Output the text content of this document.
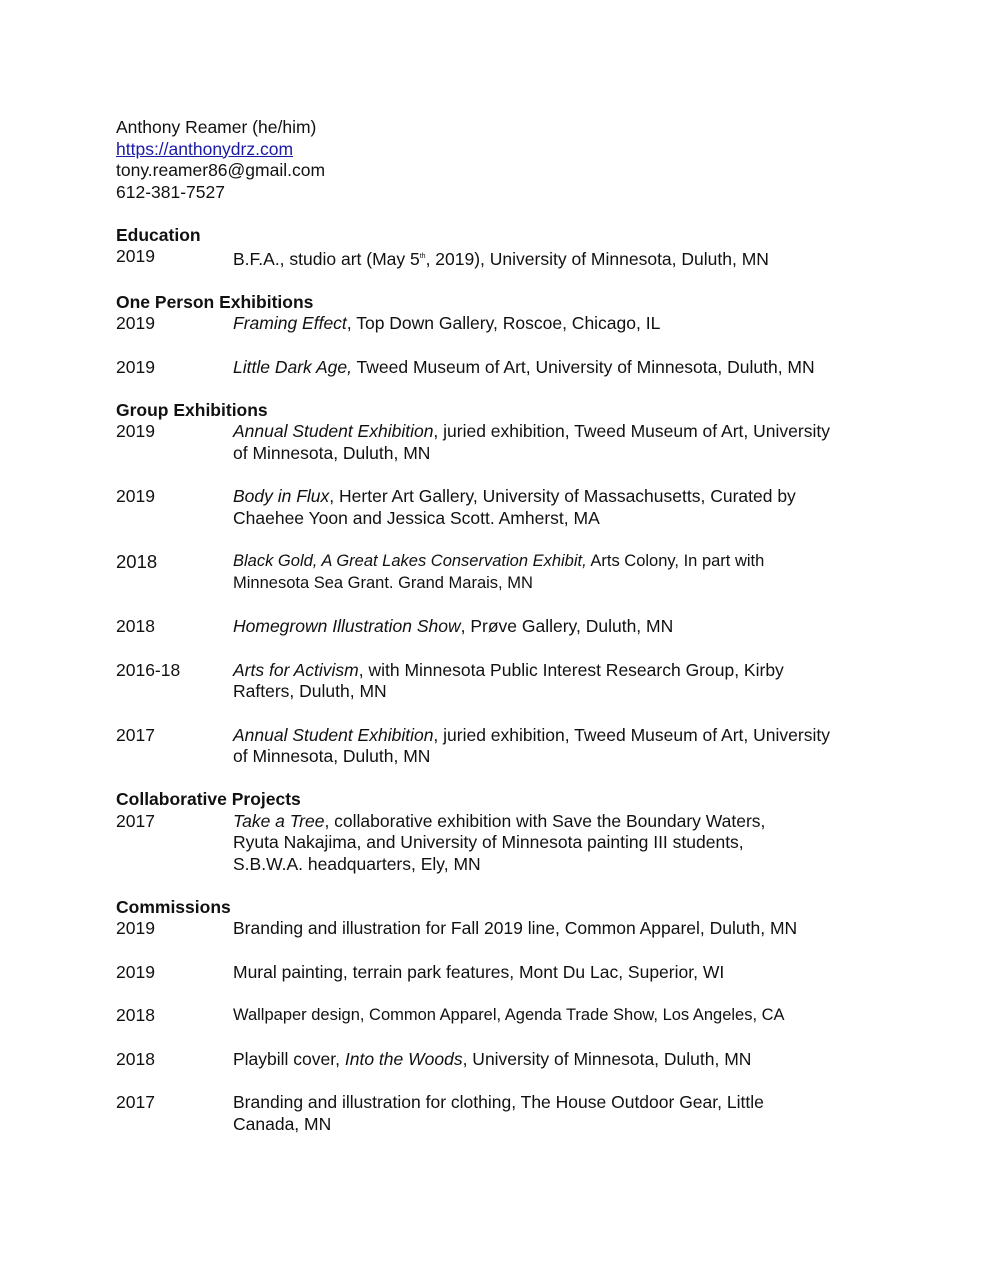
Anthony Reamer (he/him)
https://anthonydrz.com
tony.reamer86@gmail.com
612-381-7527
Education
2019	B.F.A., studio art (May 5th, 2019), University of Minnesota, Duluth, MN
One Person Exhibitions
2019	Framing Effect, Top Down Gallery, Roscoe, Chicago, IL
2019	Little Dark Age, Tweed Museum of Art, University of Minnesota, Duluth, MN
Group Exhibitions
2019	Annual Student Exhibition, juried exhibition, Tweed Museum of Art, University
of Minnesota, Duluth, MN
2019	Body in Flux, Herter Art Gallery, University of Massachusetts, Curated by
Chaehee Yoon and Jessica Scott. Amherst, MA
2018	Black Gold, A Great Lakes Conservation Exhibit, Arts Colony, In part with
Minnesota Sea Grant. Grand Marais, MN
2018	Homegrown Illustration Show, Prøve Gallery, Duluth, MN
2016-18	Arts for Activism, with Minnesota Public Interest Research Group, Kirby
Rafters, Duluth, MN
2017	Annual Student Exhibition, juried exhibition, Tweed Museum of Art, University
of Minnesota, Duluth, MN
Collaborative Projects
2017	Take a Tree, collaborative exhibition with Save the Boundary Waters,
Ryuta Nakajima, and University of Minnesota painting III students,
S.B.W.A. headquarters, Ely, MN
Commissions
2019	Branding and illustration for Fall 2019 line, Common Apparel, Duluth, MN
2019	Mural painting, terrain park features, Mont Du Lac, Superior, WI
2018	Wallpaper design, Common Apparel, Agenda Trade Show, Los Angeles, CA
2018	Playbill cover, Into the Woods, University of Minnesota, Duluth, MN
2017	Branding and illustration for clothing, The House Outdoor Gear, Little
Canada, MN
